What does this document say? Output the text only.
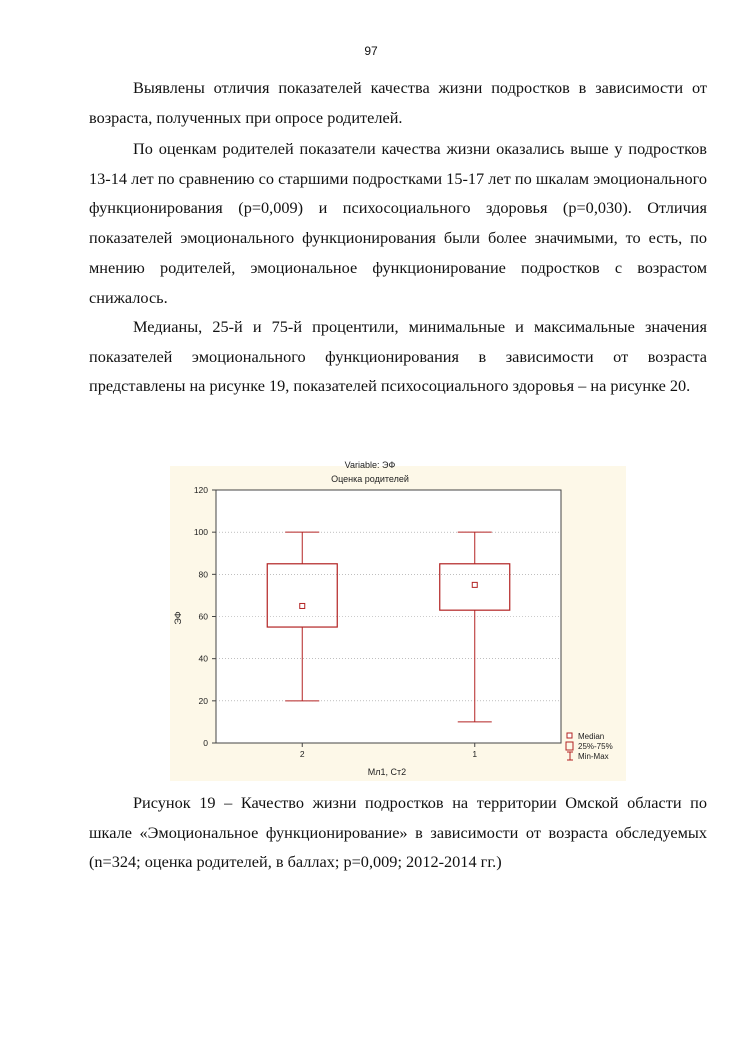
97

Выявлены отличия показателей качества жизни подростков в зависимости от возраста, полученных при опросе родителей.

По оценкам родителей показатели качества жизни оказались выше у подростков 13-14 лет по сравнению со старшими подростками 15-17 лет по шкалам эмоционального функционирования (р=0,009) и психосоциального здоровья (р=0,030). Отличия показателей эмоционального функционирования были более значимыми, то есть, по мнению родителей, эмоциональное функционирование подростков с возрастом снижалось.

Медианы, 25-й и 75-й процентили, минимальные и максимальные значения показателей эмоционального функционирования в зависимости от возраста представлены на рисунке 19, показателей психосоциального здоровья – на рисунке 20.

Variable: ЭФ
Оценка родителей
Мл1, Ст2
ЭФ
0
20
40
60
80
100
120
2	1
Median
25%-75%
Min-Max

Рисунок 19 – Качество жизни подростков на территории Омской области по шкале «Эмоциональное функционирование» в зависимости от возраста обследуемых (n=324; оценка родителей, в баллах; р=0,009; 2012-2014 гг.)
